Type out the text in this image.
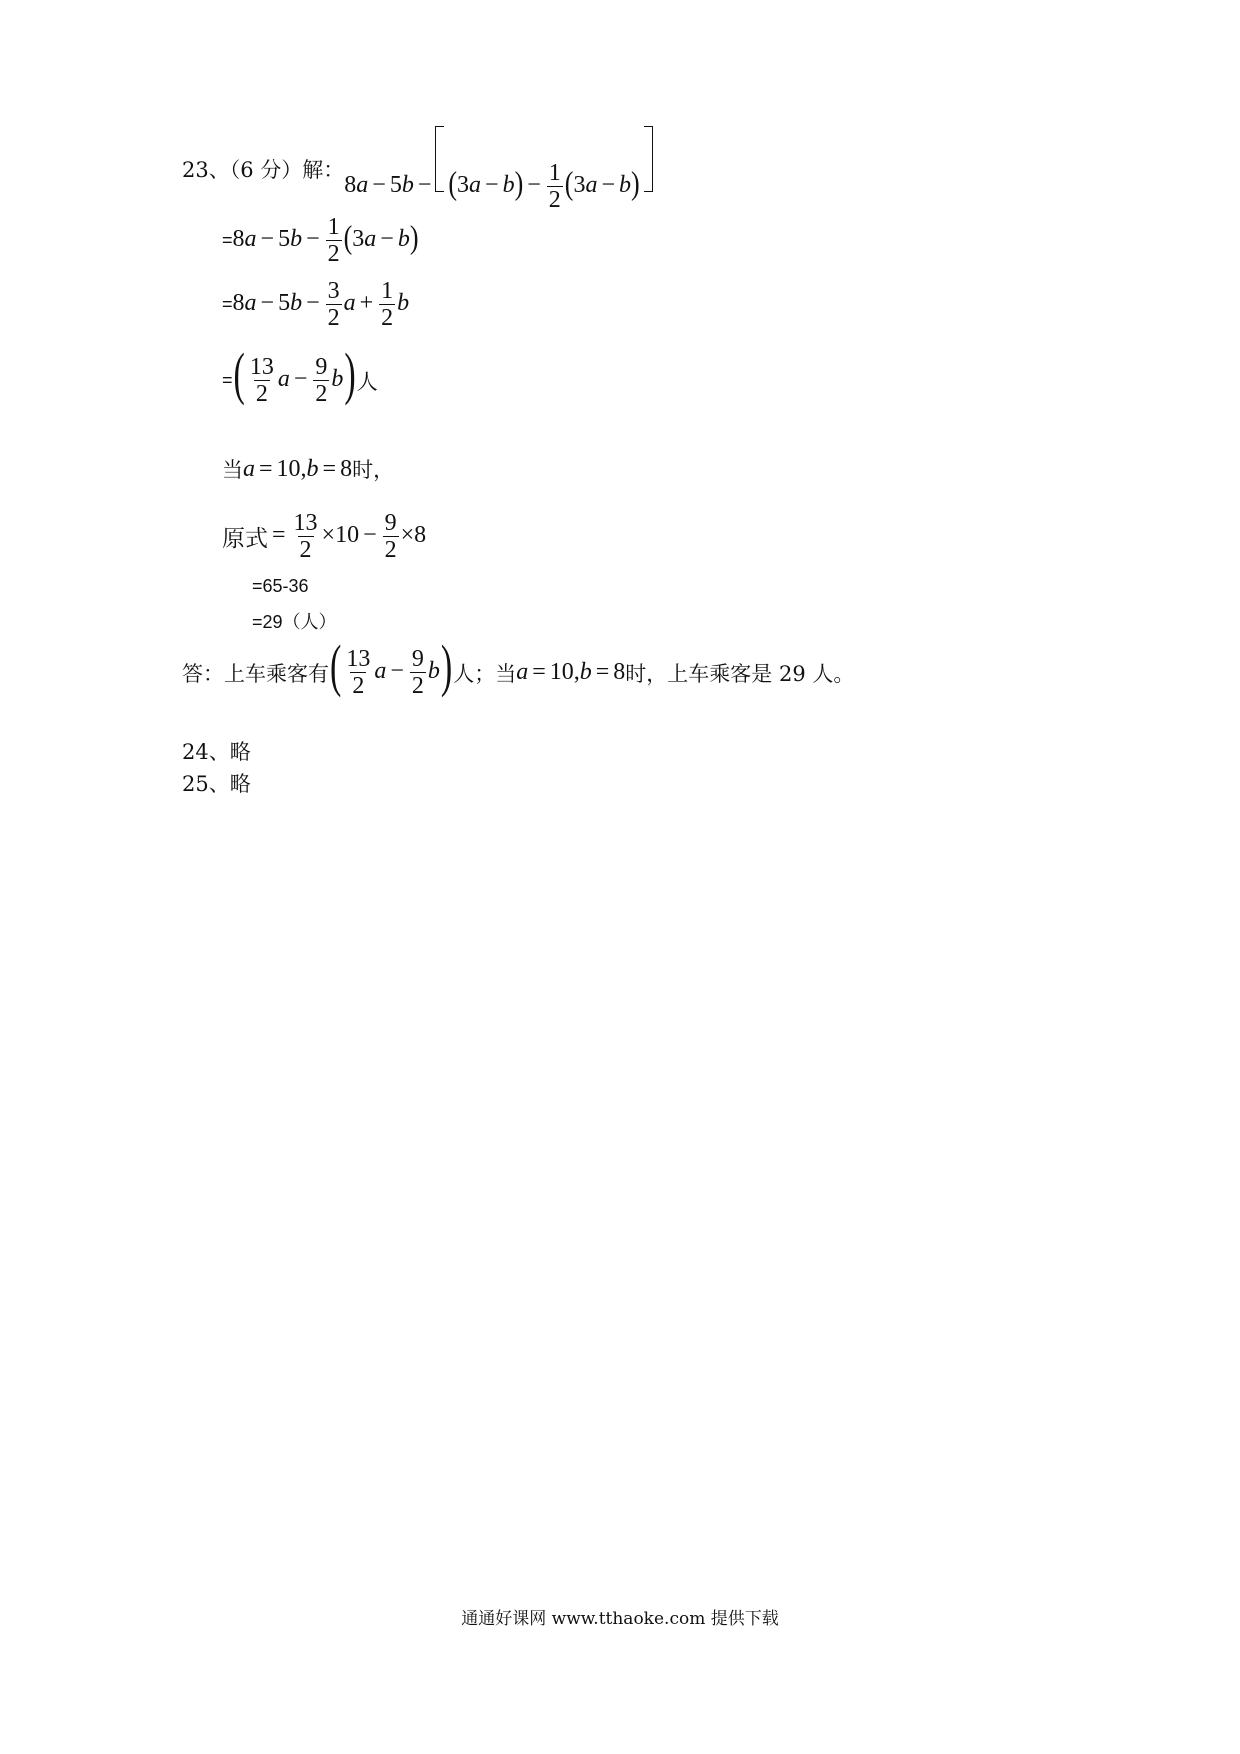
23、（6 分）解：
$8a - 5b - (3a - b) - \frac{1}{2} (3a - b)$
= $8a - 5b - \frac{1}{2} (3a - b)$
= $8a - 5b - \frac{3}{2}$ $a + \frac{1}{2}$ b
= ( $\frac{13}{2}$ $a - \frac{9}{2} b$) 人
当 a = 10,b = 8 时，
原式 = $\frac{13}{2} \times 10 - \frac{9}{2} \times 8$
=65-36
=29（人）
答：上车乘客有 ( $\frac{13}{2}$ $a - \frac{9}{2} b$) 人；当 a = 10,b = 8 时，上车乘客是 29 人。
24、略
25、略
通通好课网 www.tthaoke.com 提供下载
